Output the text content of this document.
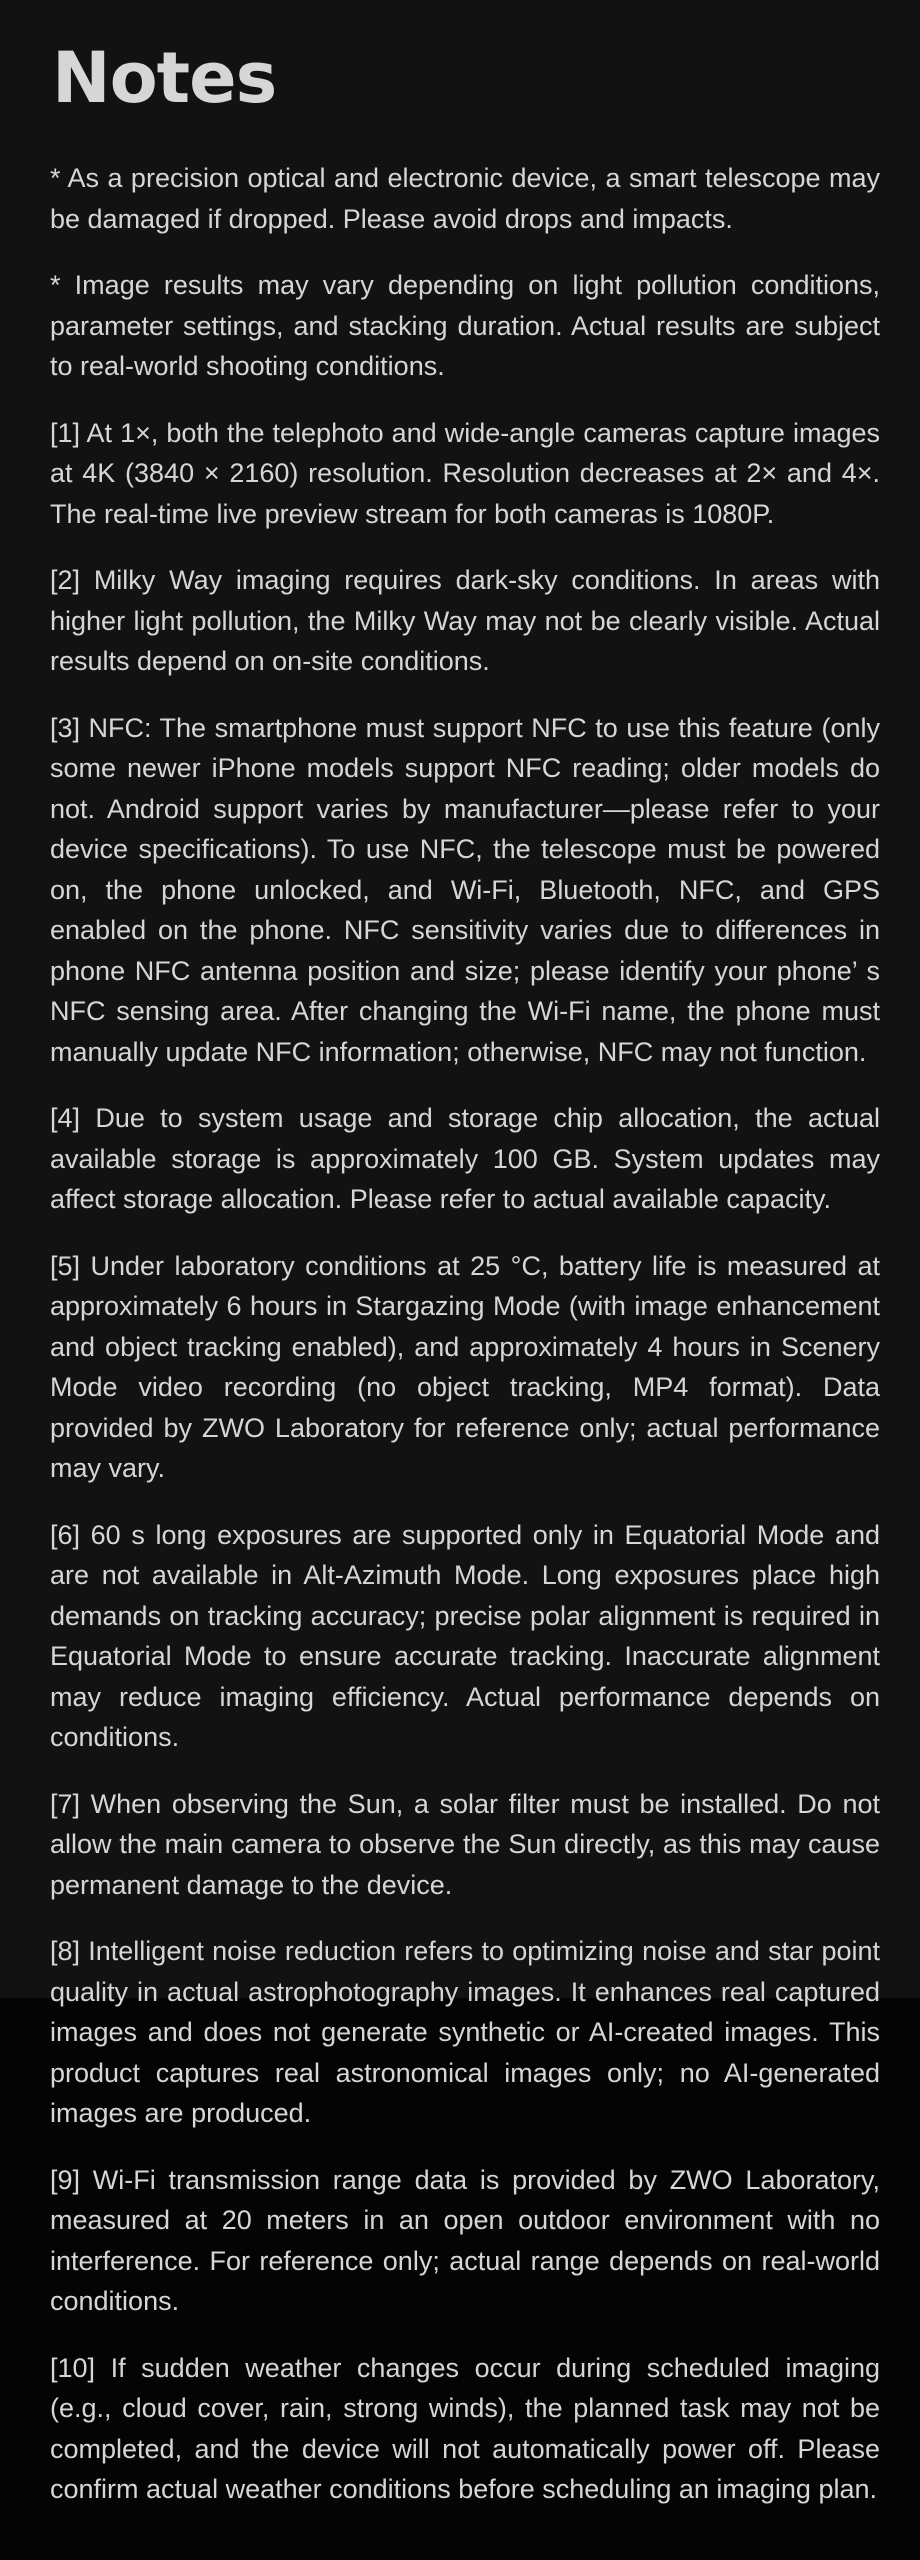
Notes
* As a precision optical and electronic device, a smart telescope may be damaged if dropped. Please avoid drops and impacts.
* Image results may vary depending on light pollution conditions, parameter settings, and stacking duration. Actual results are subject to real-world shooting conditions.
[1] At 1×, both the telephoto and wide-angle cameras capture images at 4K (3840 × 2160) resolution. Resolution decreases at 2× and 4×. The real-time live preview stream for both cameras is 1080P.
[2] Milky Way imaging requires dark-sky conditions. In areas with higher light pollution, the Milky Way may not be clearly visible. Actual results depend on on-site conditions.
[3] NFC: The smartphone must support NFC to use this feature (only some newer iPhone models support NFC reading; older models do not. Android support varies by manufacturer—please refer to your device specifications). To use NFC, the telescope must be powered on, the phone unlocked, and Wi-Fi, Bluetooth, NFC, and GPS enabled on the phone. NFC sensitivity varies due to differences in phone NFC antenna position and size; please identify your phone’ s NFC sensing area. After changing the Wi-Fi name, the phone must manually update NFC information; otherwise, NFC may not function.
[4] Due to system usage and storage chip allocation, the actual available storage is approximately 100 GB. System updates may affect storage allocation. Please refer to actual available capacity.
[5] Under laboratory conditions at 25 °C, battery life is measured at approximately 6 hours in Stargazing Mode (with image enhancement and object tracking enabled), and approximately 4 hours in Scenery Mode video recording (no object tracking, MP4 format). Data provided by ZWO Laboratory for reference only; actual performance may vary.
[6] 60 s long exposures are supported only in Equatorial Mode and are not available in Alt-Azimuth Mode. Long exposures place high demands on tracking accuracy; precise polar alignment is required in Equatorial Mode to ensure accurate tracking. Inaccurate alignment may reduce imaging efficiency. Actual performance depends on conditions.
[7] When observing the Sun, a solar filter must be installed. Do not allow the main camera to observe the Sun directly, as this may cause permanent damage to the device.
[8] Intelligent noise reduction refers to optimizing noise and star point quality in actual astrophotography images. It enhances real captured images and does not generate synthetic or AI-created images. This product captures real astronomical images only; no AI-generated images are produced.
[9] Wi-Fi transmission range data is provided by ZWO Laboratory, measured at 20 meters in an open outdoor environment with no interference. For reference only; actual range depends on real-world conditions.
[10] If sudden weather changes occur during scheduled imaging (e.g., cloud cover, rain, strong winds), the planned task may not be completed, and the device will not automatically power off. Please confirm actual weather conditions before scheduling an imaging plan.
